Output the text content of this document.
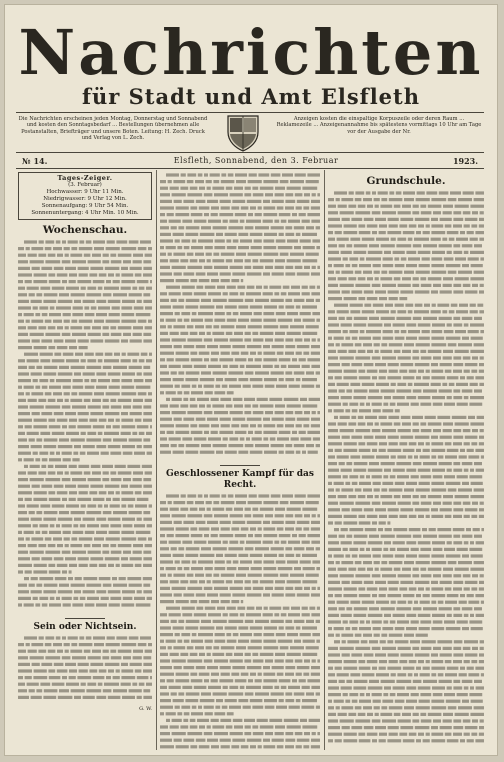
Nachrichten
für Stadt und Amt Elsfleth
Die Nachrichten erscheinen jeden Montag, Donnerstag und Sonnabend und kosten den Sonntagsbedarf ... Bestellungen übernehmen alle Postanstalten, Briefträger und unsere Boten. Leitung: H. Zech. Druck und Verlag von L. Zech.
Anzeigen kosten die einspaltige Korpuszeile oder deren Raum ... Reklamezeile ... Anzeigenannahme bis spätestens vormittags 10 Uhr am Tage vor der Ausgabe der Nr.
№ 14.	Elsfleth, Sonnabend, den 3. Februar	1923.
Tages-Zeiger.
(3. Februar)
Hochwasser: 9 Uhr 11 Min.
Niedrigwasser: 9 Uhr 12 Min.
Sonnenaufgang: 9 Uhr 54 Min. Sonnenuntergang: 4 Uhr Min. 10 Min.
Wochenschau.
Sein oder Nichtsein.
G. W.
Geschlossener Kampf für das Recht.
Grundschule.
